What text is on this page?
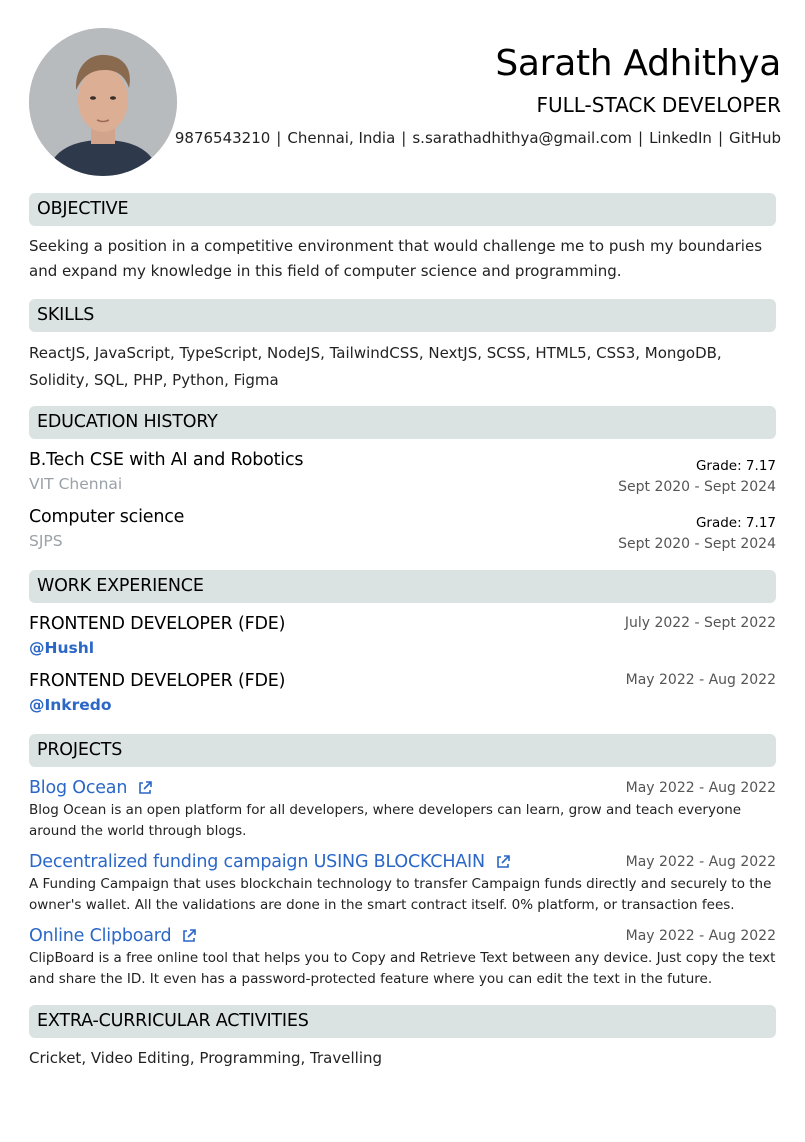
Sarath Adhithya
FULL-STACK DEVELOPER
9876543210 | Chennai, India | s.sarathadhithya@gmail.com | LinkedIn | GitHub
OBJECTIVE
Seeking a position in a competitive environment that would challenge me to push my boundaries and expand my knowledge in this field of computer science and programming.
SKILLS
ReactJS, JavaScript, TypeScript, NodeJS, TailwindCSS, NextJS, SCSS, HTML5, CSS3, MongoDB, Solidity, SQL, PHP, Python, Figma
EDUCATION HISTORY
B.Tech CSE with AI and Robotics
VIT Chennai
Grade: 7.17
Sept 2020 - Sept 2024
Computer science
SJPS
Grade: 7.17
Sept 2020 - Sept 2024
WORK EXPERIENCE
FRONTEND DEVELOPER (FDE)
@Hushl
July 2022 - Sept 2022
FRONTEND DEVELOPER (FDE)
@Inkredo
May 2022 - Aug 2022
PROJECTS
Blog Ocean	May 2022 - Aug 2022
Blog Ocean is an open platform for all developers, where developers can learn, grow and teach everyone around the world through blogs.
Decentralized funding campaign USING BLOCKCHAIN	May 2022 - Aug 2022
A Funding Campaign that uses blockchain technology to transfer Campaign funds directly and securely to the owner's wallet. All the validations are done in the smart contract itself. 0% platform, or transaction fees.
Online Clipboard	May 2022 - Aug 2022
ClipBoard is a free online tool that helps you to Copy and Retrieve Text between any device. Just copy the text and share the ID. It even has a password-protected feature where you can edit the text in the future.
EXTRA-CURRICULAR ACTIVITIES
Cricket, Video Editing, Programming, Travelling
